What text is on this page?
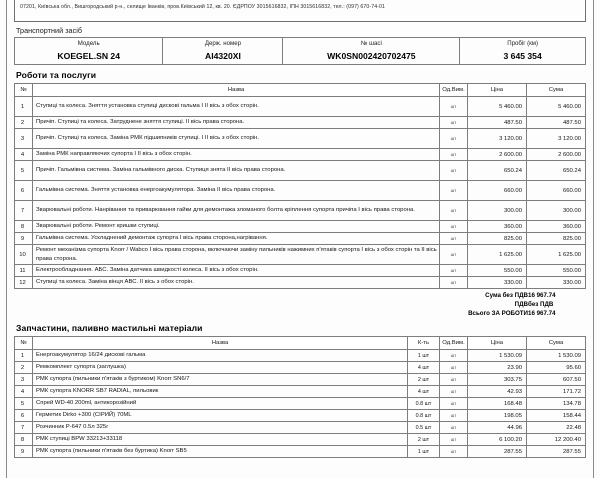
07201, Київська обл., Вишгородський р-н., селище Іванків, пров.Київський 12, кв. 20. ЄДРПОУ 3015616832, ІПН 3015616832, тел.: (097) 670-74-01
Транспортний засіб
Модель	Держ. номер	№ шасі	Пробіг (км)
KOEGEL.SN 24	AI4320XI	WK0SN002420702475	3 645 354
Роботи та послуги
№	Назва	Од.Вим.	Ціна	Сума
1	Ступиці та колеса. Зняття установка ступиці дискові гальма I II вісь з обох сторін.	шт	5 460.00	5 460.00
2	Причіп. Ступиці та колеса. Затруднене зняття ступиці. II вісь права сторона.	шт	487.50	487.50
3	Причіп. Ступиці та колеса. Заміна РМК підшипників ступиці. I II вісь з обох сторін.	шт	3 120.00	3 120.00
4	Заміна РМК направляючих супорта I II вісь з обох сторін.	шт	2 600.00	2 600.00
5	Причіп. Гальмівна система. Заміна гальмівного диска. Ступиця знята II вісь права сторона.	шт	650.24	650.24
6	Гальмівна система. Зняття установка енергоакумулятора. Заміна II вісь права сторона.	шт	660.00	660.00
7	Зварювальні роботи. Нанрівання та приварювання гайки для демонтажа зломаного болта кріплення супорта причіпа I вісь права сторона.	шт	300.00	300.00
8	Зварювальні роботи. Ремонт кришки ступиці.	шт	360.00	360.00
9	Гальмівна система. Ускладнений демонтаж супорта I вісь права сторона,нагрівання.	шт	825.00	825.00
10	Ремонт механізма супорта Knorr / Wabco I вісь права сторона, включаючи заміну пильників нажимних п'ятаків супорта I вісь з обох сторін та II вісь права сторона.	шт	1 625.00	1 625.00
11	Електрообладнання. АБС. Заміна датчика швидкості колеса. II вісь з обох сторін.	шт	550.00	550.00
12	Ступиці та колеса. Заміна вінця АВС. II вісь з обох сторін.	шт	330.00	330.00
Сума без ПДВ	16 967.74
ПДВ	без ПДВ
Всього ЗА РОБОТИ	16 967.74
Запчастини, паливно мастильні матеріали
№	Назва	К-ть	Од.Вим.	Ціна	Сума
1	Енергоакумулятор 16/24 дискові гальма	1 шт	шт	1 530.09	1 530.09
2	Ремкомплект супорта (заглушка)	4 шт	шт	23.90	95.60
3	РМК супорта (пильники п'ятаків з буртиком) Knorr SN6/7	2 шт	шт	303.75	607.50
4	РМК супорта KNORR SB7 RADIAL, пильовик	4 шт	шт	42.93	171.72
5	Спрей WD-40 200ml, антикорозійний	0.8 шт	шт	168.48	134.78
6	Герметик Dirko +300 (СІРИЙ) 70ML	0.8 шт	шт	198.05	158.44
7	Розчинник Р-647 0.5л 325г	0.5 шт	шт	44.96	22.48
8	РМК ступиці BPW 33213+33118	2 шт	шт	6 100.20	12 200.40
9	РМК супорта (пильники п'ятаків без буртика) Knorr SB5	1 шт	шт	287.55	287.55
